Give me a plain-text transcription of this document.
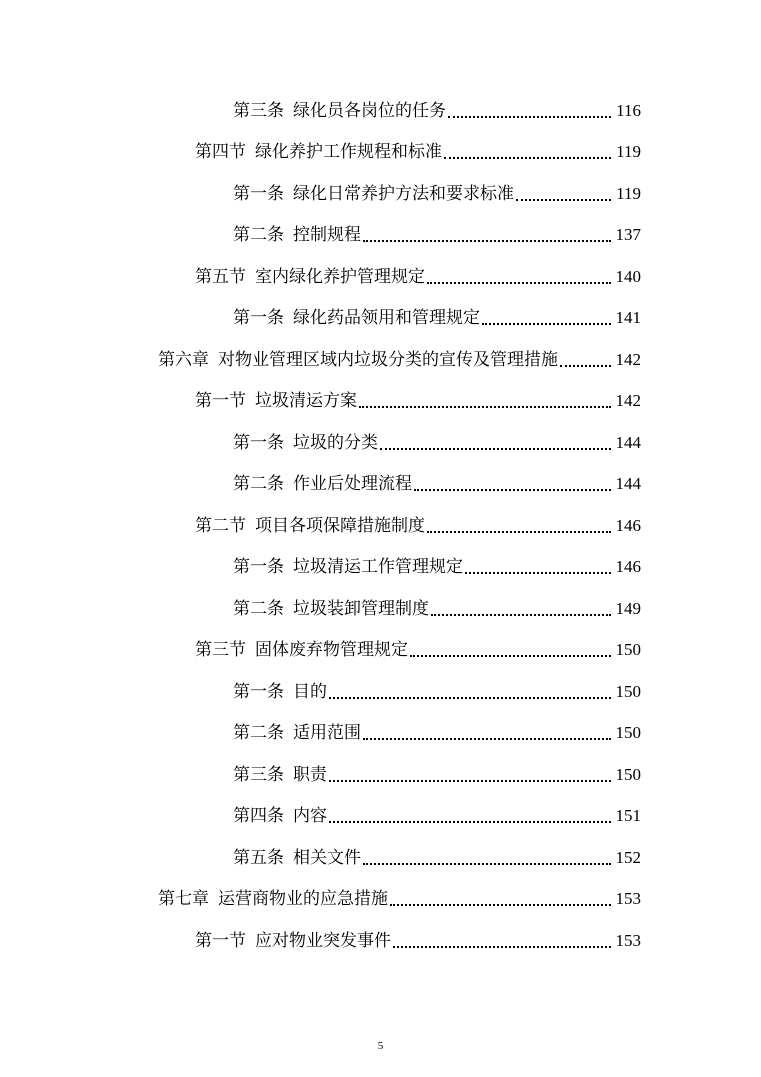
第三条 绿化员各岗位的任务	116
第四节 绿化养护工作规程和标准	119
第一条 绿化日常养护方法和要求标准	119
第二条 控制规程	137
第五节 室内绿化养护管理规定	140
第一条 绿化药品领用和管理规定	141
第六章 对物业管理区域内垃圾分类的宣传及管理措施	142
第一节 垃圾清运方案	142
第一条 垃圾的分类	144
第二条 作业后处理流程	144
第二节 项目各项保障措施制度	146
第一条 垃圾清运工作管理规定	146
第二条 垃圾装卸管理制度	149
第三节 固体废弃物管理规定	150
第一条 目的	150
第二条 适用范围	150
第三条 职责	150
第四条 内容	151
第五条 相关文件	152
第七章 运营商物业的应急措施	153
第一节 应对物业突发事件	153
5
